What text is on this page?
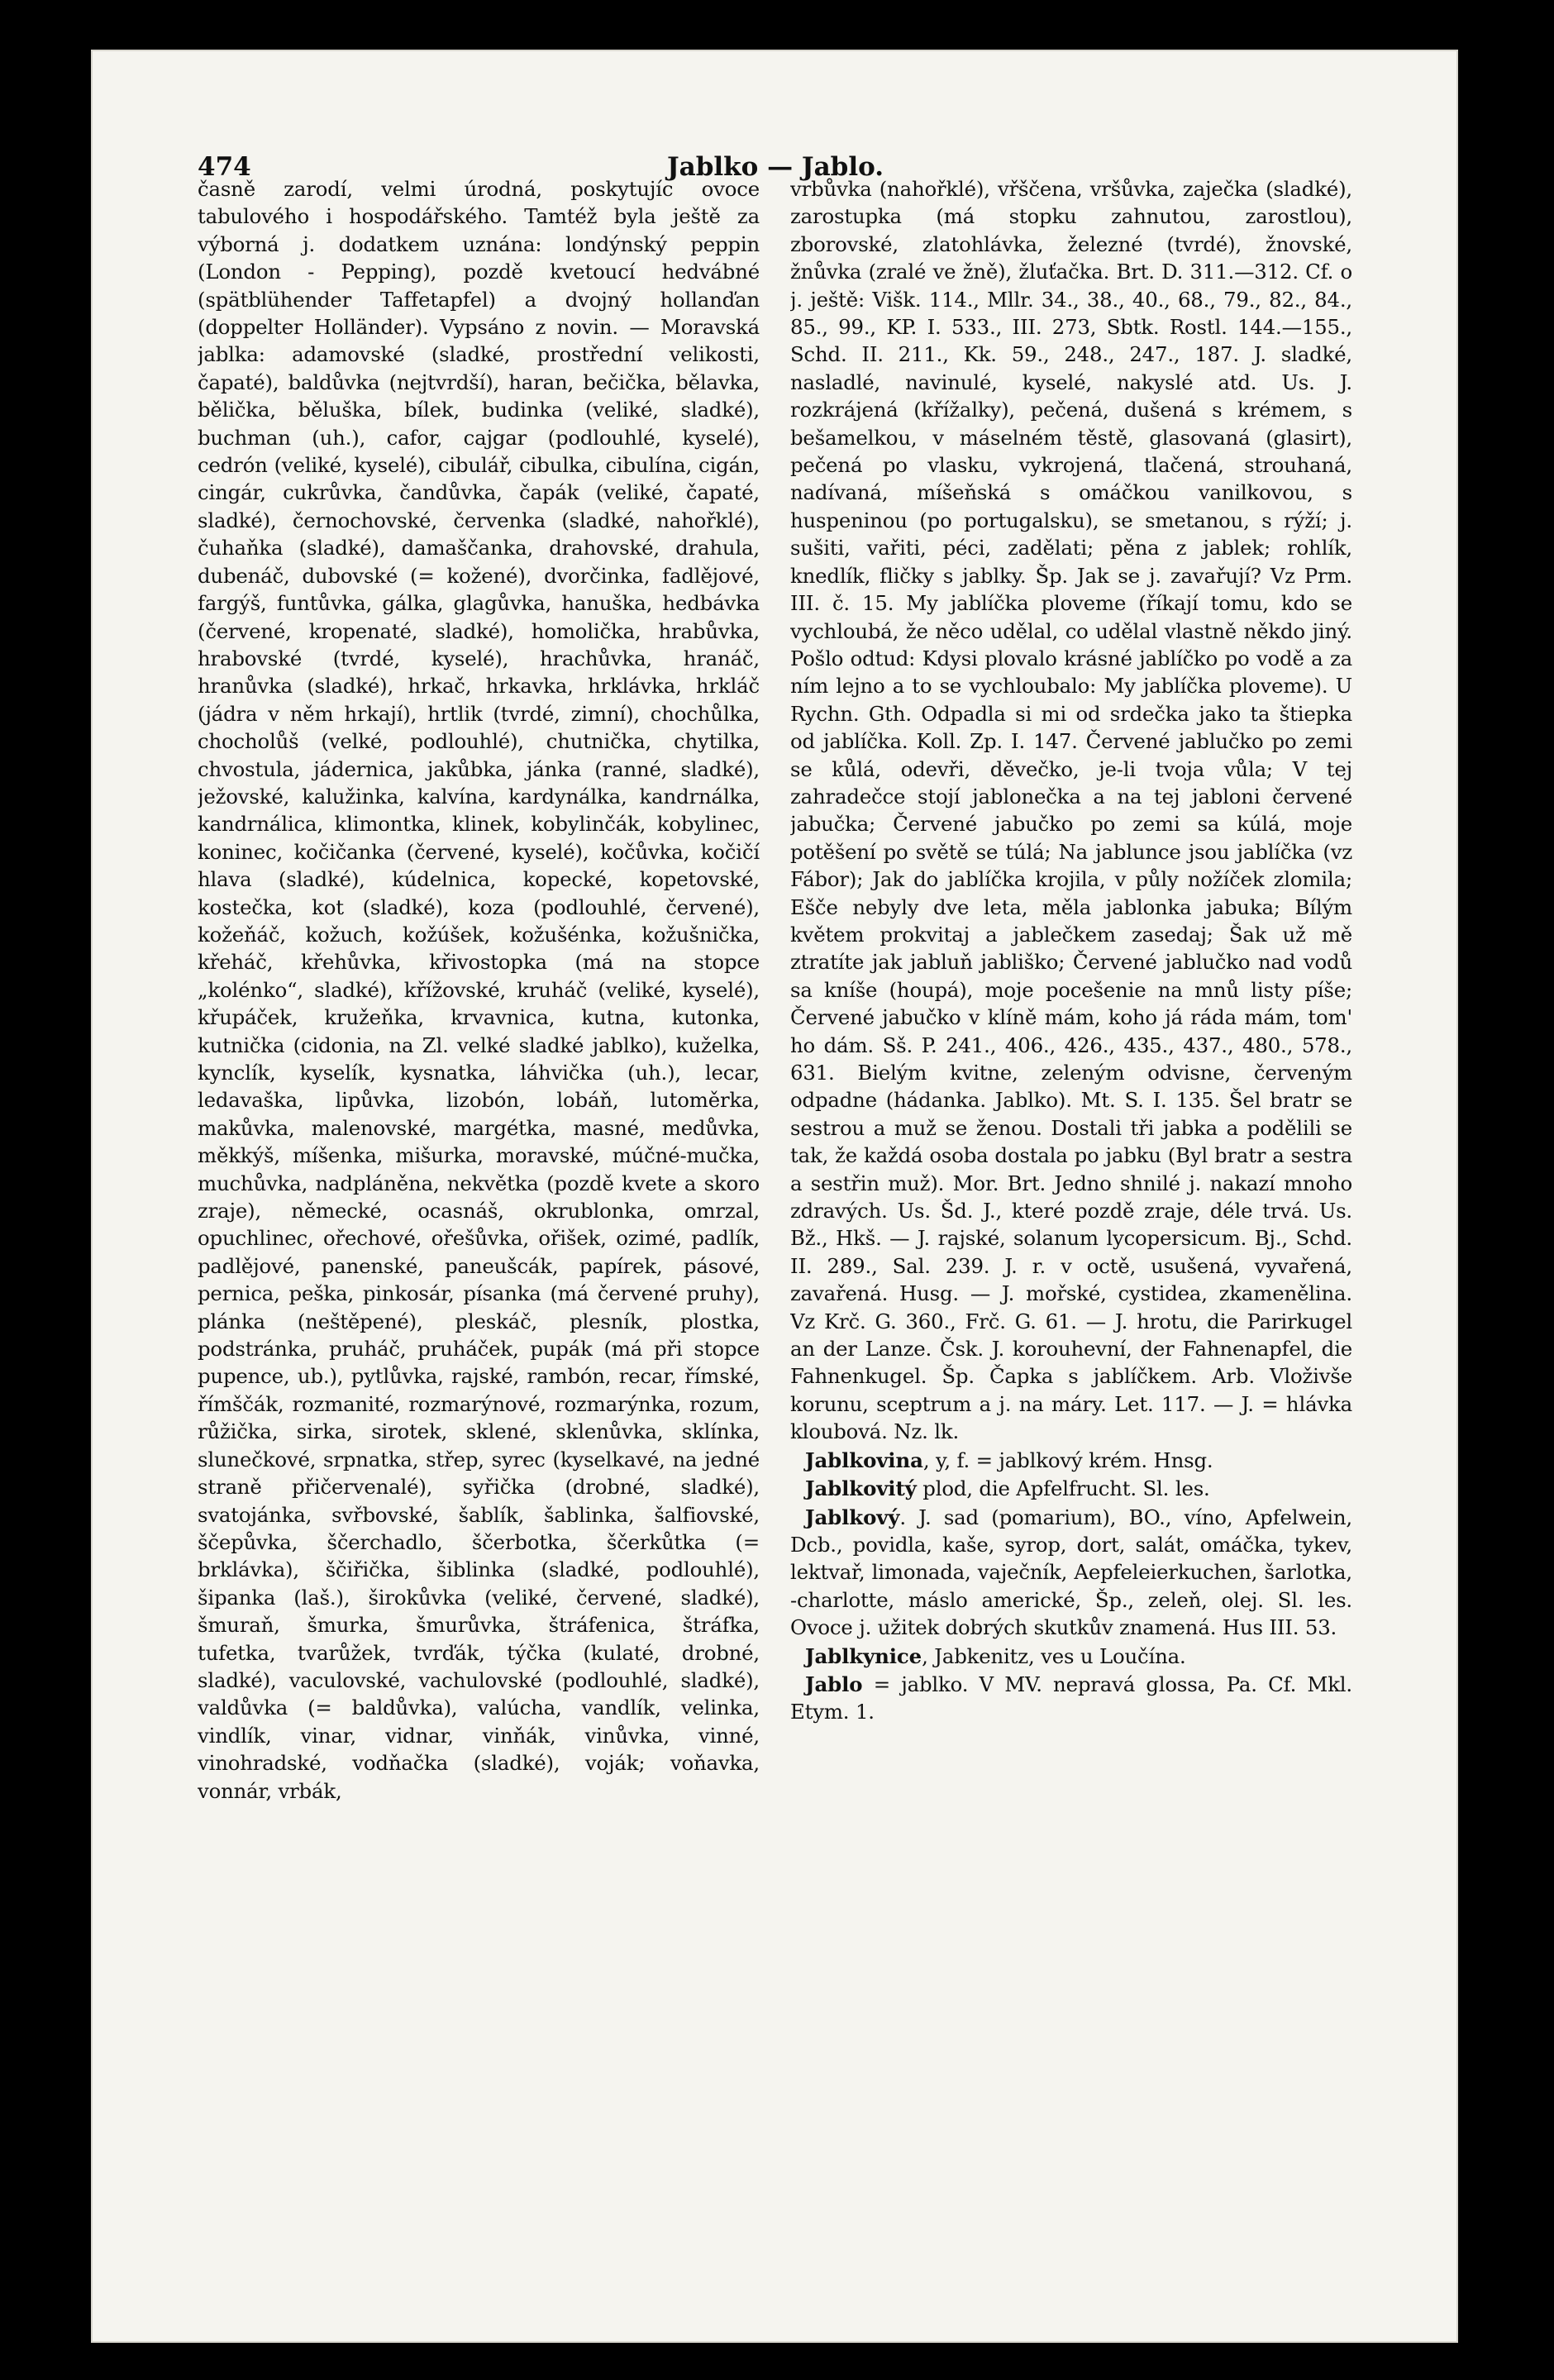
474	Jablko — Jablo.

časně zarodí, velmi úrodná, poskytujíc ovoce tabulového i hospodářského. Tamtéž byla ještě za výborná j. dodatkem uznána: londýnský peppin (London - Pepping), pozdě kvetoucí hedvábné (spätblühender Taffetapfel) a dvojný hollanďan (doppelter Holländer). Vypsáno z novin. — Moravská jablka: adamovské (sladké, prostřední velikosti, čapaté), baldůvka (nejtvrdší), haran, bečička, bělavka, bělička, běluška, bílek, budinka (veliké, sladké), buchman (uh.), cafor, cajgar (podlouhlé, kyselé), cedrón (veliké, kyselé), cibulář, cibulka, cibulína, cigán, cingár, cukrůvka, čandůvka, čapák (veliké, čapaté, sladké), černochovské, červenka (sladké, nahořklé), čuhaňka (sladké), damaščanka, drahovské, drahula, dubenáč, dubovské (= kožené), dvorčinka, fadlějové, fargýš, funtůvka, gálka, glagůvka, hanuška, hedbávka (červené, kropenaté, sladké), homolička, hrabůvka, hrabovské (tvrdé, kyselé), hrachůvka, hranáč, hranůvka (sladké), hrkač, hrkavka, hrklávka, hrkláč (jádra v něm hrkají), hrtlik (tvrdé, zimní), chochůlka, chocholůš (velké, podlouhlé), chutnička, chytilka, chvostula, jádernica, jakůbka, jánka (ranné, sladké), ježovské, kalužinka, kalvína, kardynálka, kandrnálka, kandrnálica, klimontka, klinek, kobylinčák, kobylinec, koninec, kočičanka (červené, kyselé), kočůvka, kočičí hlava (sladké), kúdelnica, kopecké, kopetovské, kostečka, kot (sladké), koza (podlouhlé, červené), kožeňáč, kožuch, kožúšek, kožušénka, kožušnička, křeháč, křehůvka, křivostopka (má na stopce „kolénko“, sladké), křížovské, kruháč (veliké, kyselé), křupáček, kružeňka, krvavnica, kutna, kutonka, kutnička (cidonia, na Zl. velké sladké jablko), kuželka, kynclík, kyselík, kysnatka, láhvička (uh.), lecar, ledavaška, lipůvka, lizobón, lobáň, lutoměrka, makůvka, malenovské, margétka, masné, medůvka, měkkýš, míšenka, mišurka, moravské, múčné-mučka, muchůvka, nadpláněna, nekvětka (pozdě kvete a skoro zraje), německé, ocasnáš, okrublonka, omrzal, opuchlinec, ořechové, ořešůvka, ořišek, ozimé, padlík, padlějové, panenské, paneušcák, papírek, pásové, pernica, peška, pinkosár, písanka (má červené pruhy), plánka (neštěpené), pleskáč, plesník, plostka, podstránka, pruháč, pruháček, pupák (má při stopce pupence, ub.), pytlůvka, rajské, rambón, recar, římské, římščák, rozmanité, rozmarýnové, rozmarýnka, rozum, růžička, sirka, sirotek, sklené, sklenůvka, sklínka, slunečkové, srpnatka, střep, syrec (kyselkavé, na jedné straně přičervenalé), syřička (drobné, sladké), svatojánka, svřbovské, šablík, šablinka, šalfiovské, ščepůvka, ščerchadlo, ščerbotka, ščerkůtka (= brklávka), ščiřička, šiblinka (sladké, podlouhlé), šipanka (laš.), širokůvka (veliké, červené, sladké), šmuraň, šmurka, šmurůvka, štráfenica, štráfka, tufetka, tvarůžek, tvrďák, týčka (kulaté, drobné, sladké), vaculovské, vachulovské (podlouhlé, sladké), valdůvka (= baldůvka), valúcha, vandlík, velinka, vindlík, vinar, vidnar, vinňák, vinůvka, vinné, vinohradské, vodňačka (sladké), voják; voňavka, vonnár, vrbák,

vrbůvka (nahořklé), vřščena, vršůvka, zaječka (sladké), zarostupka (má stopku zahnutou, zarostlou), zborovské, zlatohlávka, železné (tvrdé), žnovské, žnůvka (zralé ve žně), žluťačka. Brt. D. 311.—312. Cf. o j. ještě: Višk. 114., Mllr. 34., 38., 40., 68., 79., 82., 84., 85., 99., KP. I. 533., III. 273, Sbtk. Rostl. 144.—155., Schd. II. 211., Kk. 59., 248., 247., 187. J. sladké, nasladlé, navinulé, kyselé, nakyslé atd. Us. J. rozkrájená (křížalky), pečená, dušená s krémem, s bešamelkou, v máselném těstě, glasovaná (glasirt), pečená po vlasku, vykrojená, tlačená, strouhaná, nadívaná, míšeňská s omáčkou vanilkovou, s huspeninou (po portugalsku), se smetanou, s rýží; j. sušiti, vařiti, péci, zadělati; pěna z jablek; rohlík, knedlík, fličky s jablky. Šp. Jak se j. zavařují? Vz Prm. III. č. 15. My jablíčka ploveme (říkají tomu, kdo se vychloubá, že něco udělal, co udělal vlastně někdo jiný. Pošlo odtud: Kdysi plovalo krásné jablíčko po vodě a za ním lejno a to se vychloubalo: My jablíčka ploveme). U Rychn. Gth. Odpadla si mi od srdečka jako ta štiepka od jablíčka. Koll. Zp. I. 147. Červené jablučko po zemi se kůlá, odevři, děvečko, je-li tvoja vůla; V tej zahradečce stojí jablonečka a na tej jabloni červené jabučka; Červené jabučko po zemi sa kúlá, moje potěšení po světě se túlá; Na jablunce jsou jablíčka (vz Fábor); Jak do jablíčka krojila, v půly nožíček zlomila; Ešče nebyly dve leta, měla jablonka jabuka; Bílým květem prokvitaj a jablečkem zasedaj; Šak už mě ztratíte jak jabluň jabliško; Červené jablučko nad vodů sa kníše (houpá), moje pocešenie na mnů listy píše; Červené jabučko v klíně mám, koho já ráda mám, tom' ho dám. Sš. P. 241., 406., 426., 435., 437., 480., 578., 631. Bielým kvitne, zeleným odvisne, červeným odpadne (hádanka. Jablko). Mt. S. I. 135. Šel bratr se sestrou a muž se ženou. Dostali tři jabka a podělili se tak, že každá osoba dostala po jabku (Byl bratr a sestra a sestřin muž). Mor. Brt. Jedno shnilé j. nakazí mnoho zdravých. Us. Šd. J., které pozdě zraje, déle trvá. Us. Bž., Hkš. — J. rajské, solanum lycopersicum. Bj., Schd. II. 289., Sal. 239. J. r. v octě, usušená, vyvařená, zavařená. Husg. — J. mořské, cystidea, zkamenělina. Vz Krč. G. 360., Frč. G. 61. — J. hrotu, die Parirkugel an der Lanze. Čsk. J. korouhevní, der Fahnenapfel, die Fahnenkugel. Šp. Čapka s jablíčkem. Arb. Vloživše korunu, sceptrum a j. na máry. Let. 117. — J. = hlávka kloubová. Nz. lk.

Jablkovina, y, f. = jablkový krém. Hnsg.

Jablkovitý plod, die Apfelfrucht. Sl. les.

Jablkový. J. sad (pomarium), BO., víno, Apfelwein, Dcb., povidla, kaše, syrop, dort, salát, omáčka, tykev, lektvař, limonada, vaječník, Aepfeleierkuchen, šarlotka, -charlotte, máslo americké, Šp., zeleň, olej. Sl. les. Ovoce j. užitek dobrých skutkův znamená. Hus III. 53.

Jablkynice, Jabkenitz, ves u Loučína.

Jablo = jablko. V MV. nepravá glossa, Pa. Cf. Mkl. Etym. 1.
